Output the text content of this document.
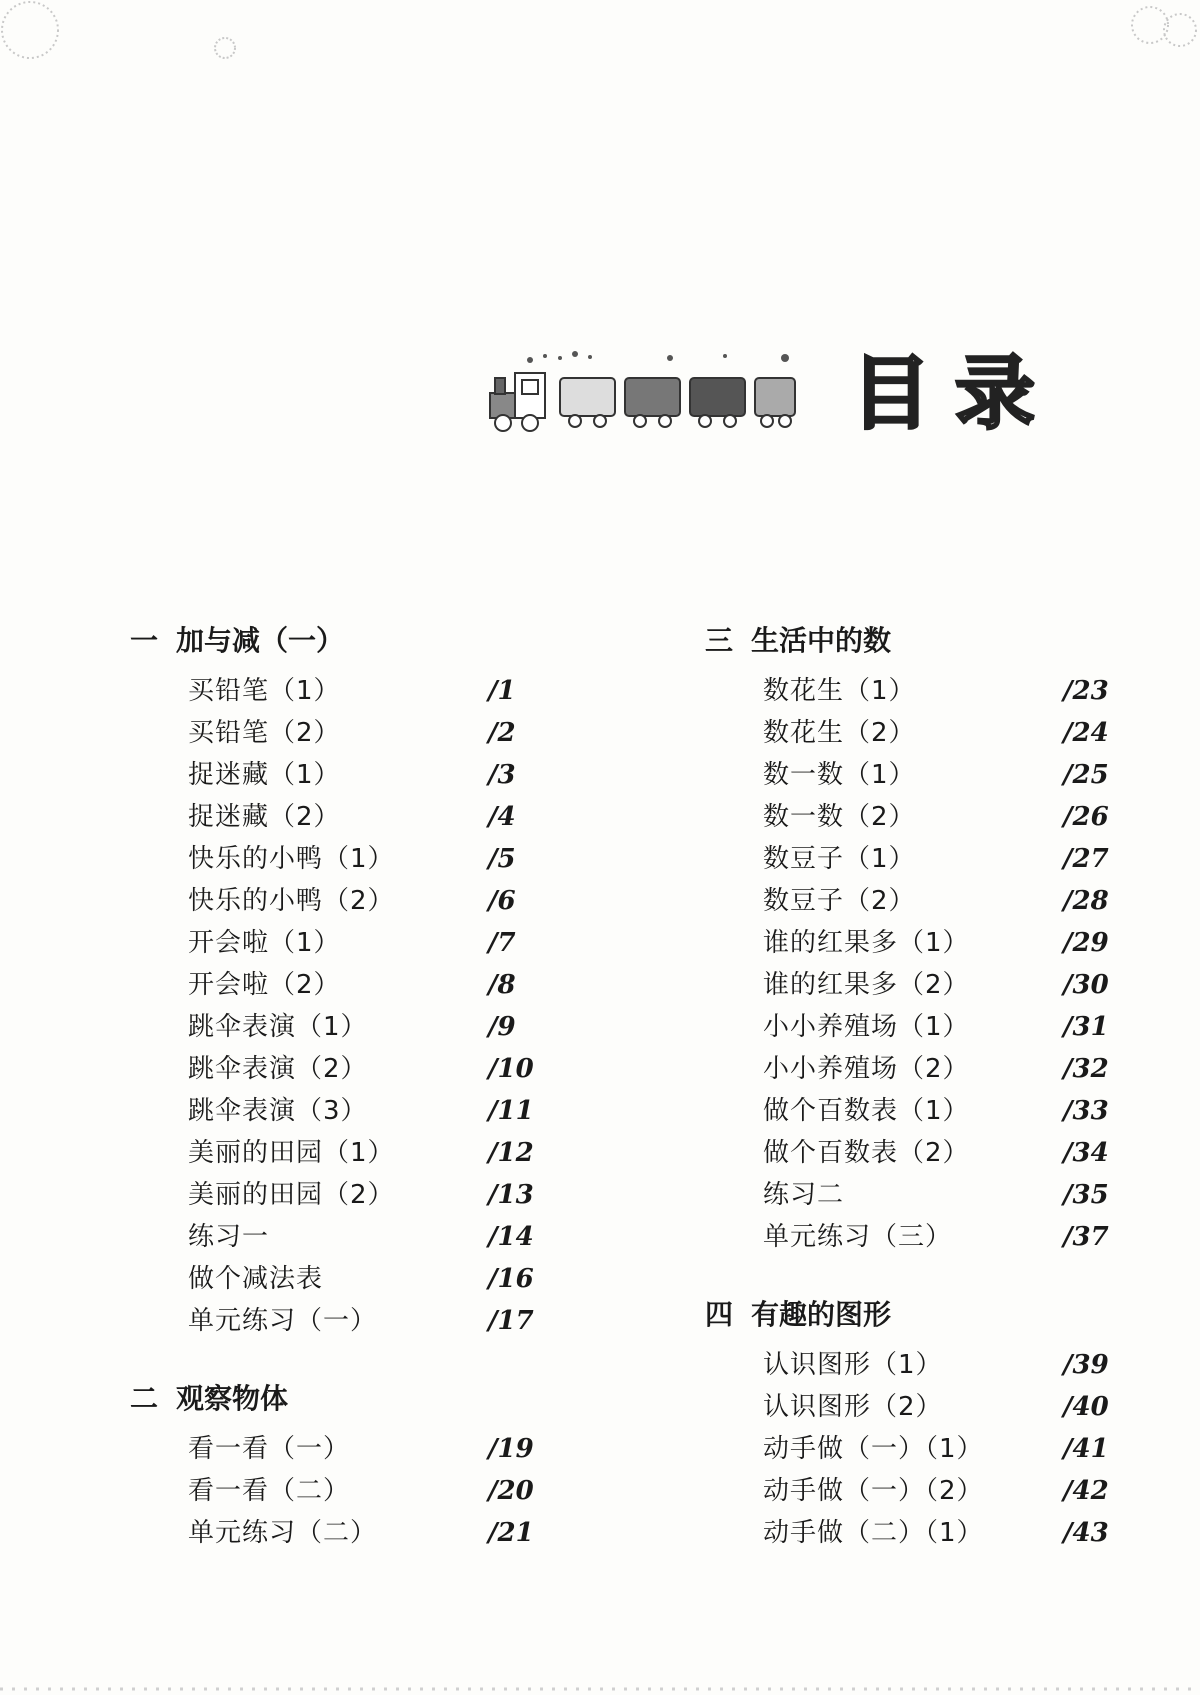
目 录
一 加与减（一）
买铅笔（1）	/1
买铅笔（2）	/2
捉迷藏（1）	/3
捉迷藏（2）	/4
快乐的小鸭（1）	/5
快乐的小鸭（2）	/6
开会啦（1）	/7
开会啦（2）	/8
跳伞表演（1）	/9
跳伞表演（2）	/10
跳伞表演（3）	/11
美丽的田园（1）	/12
美丽的田园（2）	/13
练习一	/14
做个减法表	/16
单元练习（一）	/17
二 观察物体
看一看（一）	/19
看一看（二）	/20
单元练习（二）	/21
三 生活中的数
数花生（1）	/23
数花生（2）	/24
数一数（1）	/25
数一数（2）	/26
数豆子（1）	/27
数豆子（2）	/28
谁的红果多（1）	/29
谁的红果多（2）	/30
小小养殖场（1）	/31
小小养殖场（2）	/32
做个百数表（1）	/33
做个百数表（2）	/34
练习二	/35
单元练习（三）	/37
四 有趣的图形
认识图形（1）	/39
认识图形（2）	/40
动手做（一）（1）	/41
动手做（一）（2）	/42
动手做（二）（1）	/43
